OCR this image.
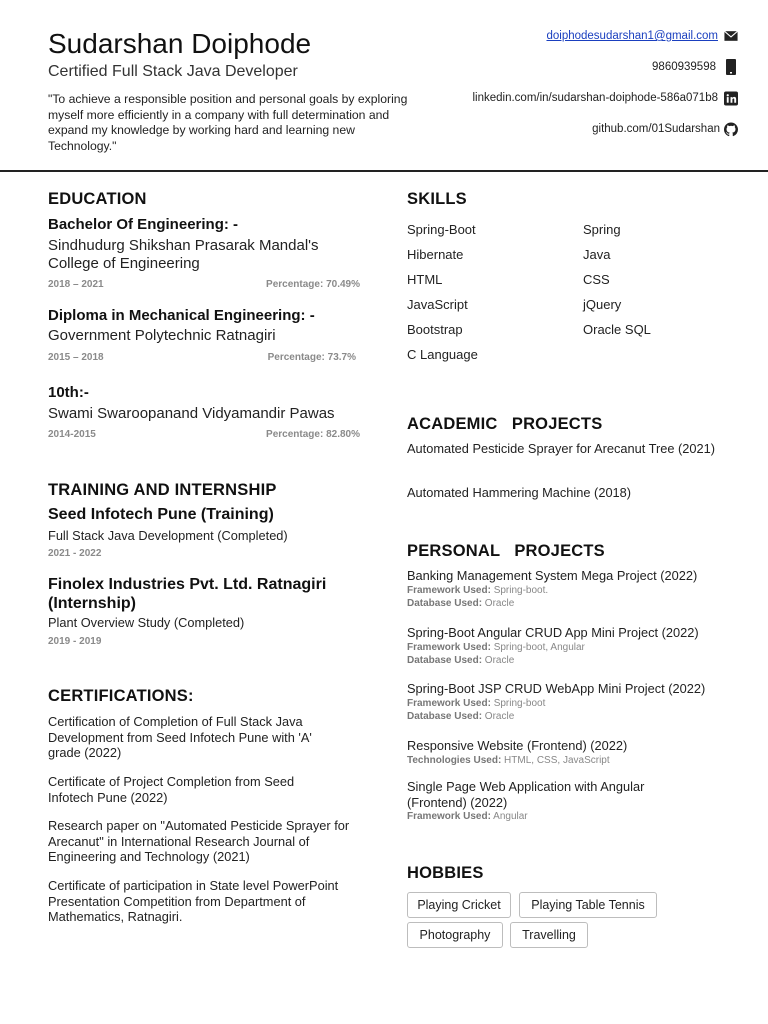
Sudarshan Doiphode
Certified Full Stack Java Developer
"To achieve a responsible position and personal goals by exploring myself more efficiently in a company with full determination and expand my knowledge by working hard and learning new Technology."
doiphodesudarshan1@gmail.com
9860939598
linkedin.com/in/sudarshan-doiphode-586a071b8
github.com/01Sudarshan
EDUCATION
Bachelor Of Engineering: -
Sindhudurg Shikshan Prasarak Mandal's College of Engineering
2018 – 2021	Percentage: 70.49%
Diploma in Mechanical Engineering: -
Government Polytechnic Ratnagiri
2015 – 2018	Percentage: 73.7%
10th:-
Swami Swaroopanand Vidyamandir Pawas
2014-2015	Percentage: 82.80%
TRAINING AND INTERNSHIP
Seed Infotech Pune (Training)
Full Stack Java Development (Completed)
2021 - 2022
Finolex Industries Pvt. Ltd. Ratnagiri (Internship)
Plant Overview Study (Completed)
2019 - 2019
CERTIFICATIONS:
Certification of Completion of Full Stack Java Development from Seed Infotech Pune with 'A' grade (2022)
Certificate of Project Completion from Seed Infotech Pune (2022)
Research paper on "Automated Pesticide Sprayer for Arecanut" in International Research Journal of Engineering and Technology (2021)
Certificate of participation in State level PowerPoint Presentation Competition from Department of Mathematics, Ratnagiri.
SKILLS
Spring-Boot	Spring
Hibernate	Java
HTML	CSS
JavaScript	jQuery
Bootstrap	Oracle SQL
C Language
ACADEMIC   PROJECTS
Automated Pesticide Sprayer for Arecanut Tree (2021)
Automated Hammering Machine (2018)
PERSONAL   PROJECTS
Banking Management System Mega Project (2022)
Framework Used: Spring-boot.
Database Used: Oracle
Spring-Boot Angular CRUD App Mini Project (2022)
Framework Used: Spring-boot, Angular
Database Used: Oracle
Spring-Boot JSP CRUD WebApp Mini Project (2022)
Framework Used: Spring-boot
Database Used: Oracle
Responsive Website (Frontend) (2022)
Technologies Used: HTML, CSS, JavaScript
Single Page Web Application with Angular (Frontend) (2022)
Framework Used: Angular
HOBBIES
Playing Cricket	Playing Table Tennis
Photography	Travelling
